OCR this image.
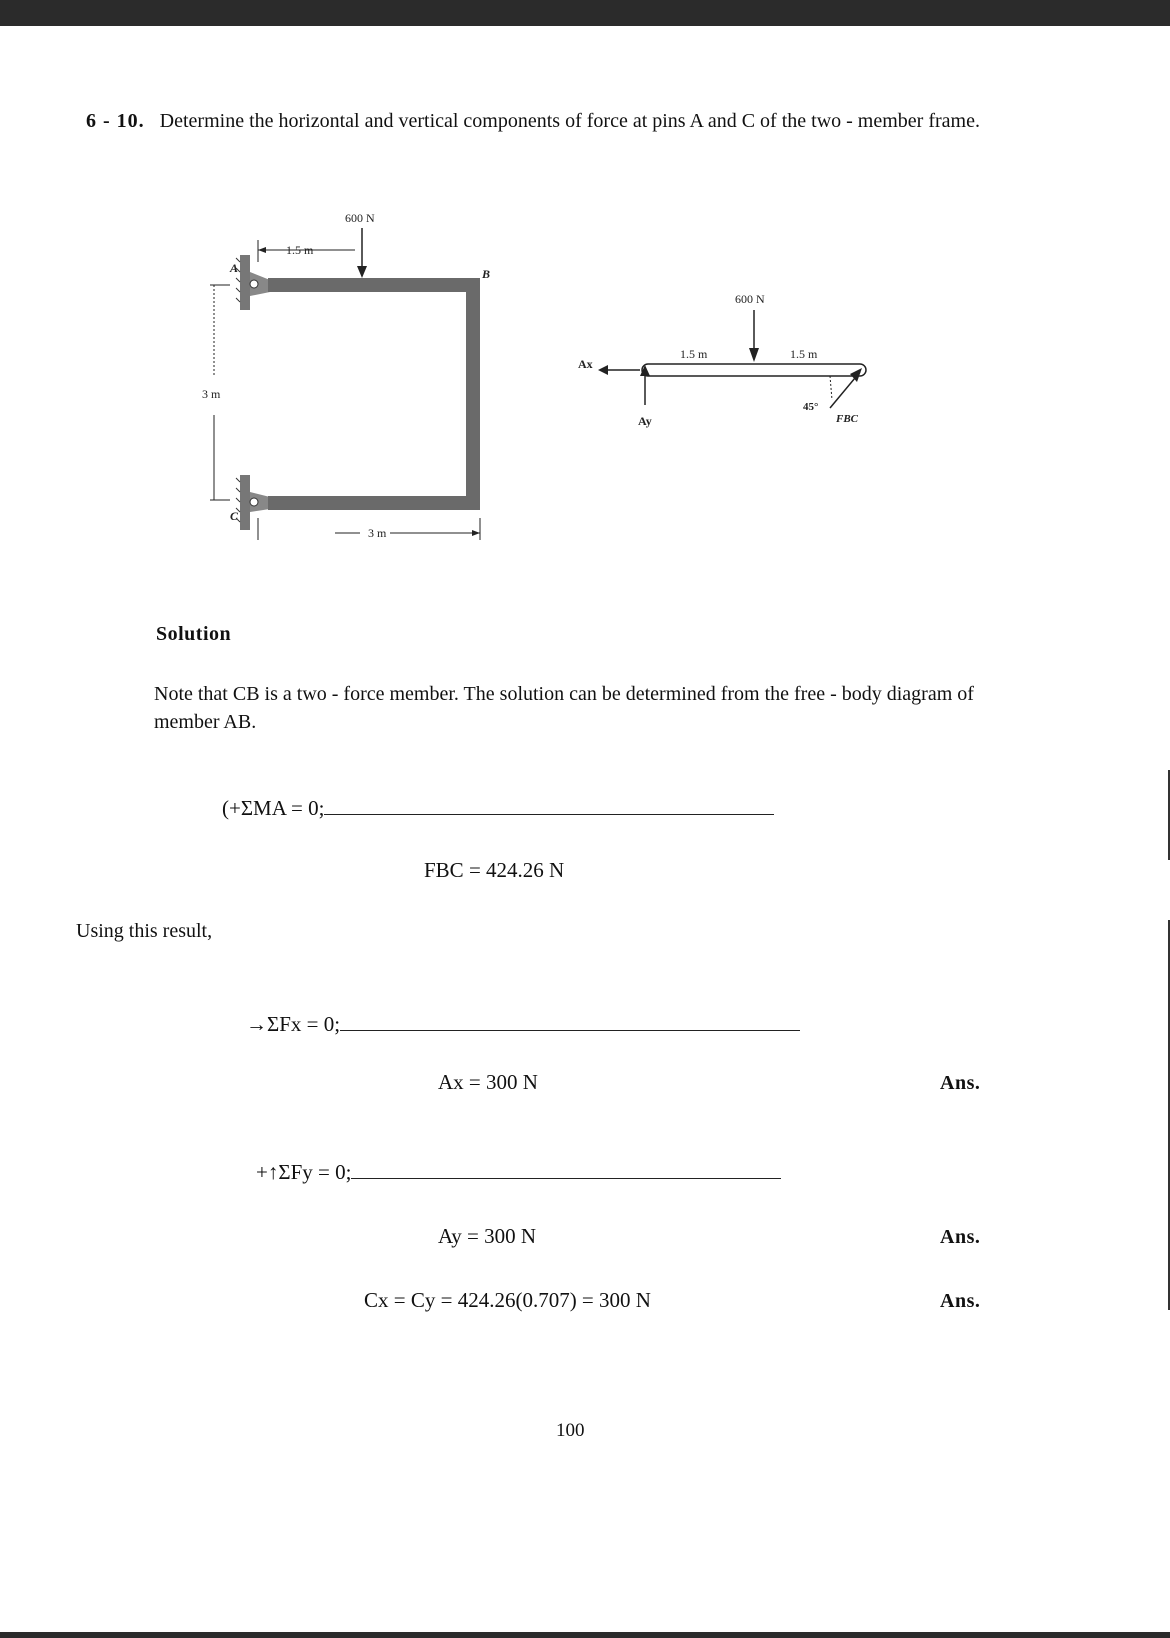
6 - 10. Determine the horizontal and vertical components of force at pins A and C of the two - member frame.
600 N
1.5 m
3 m
3 m
A	B
C
Ax
Ay
600 N
1.5 m	1.5 m
45°
FBC
Solution
Note that CB is a two - force member. The solution can be determined from the free - body diagram of member AB.
(+ΣMA = 0;
FBC = 424.26 N
Using this result,
→ΣFx = 0;
Ax = 300 N	Ans.
+↑ΣFy = 0;
Ay = 300 N	Ans.
Cx = Cy = 424.26(0.707) = 300 N	Ans.
100
